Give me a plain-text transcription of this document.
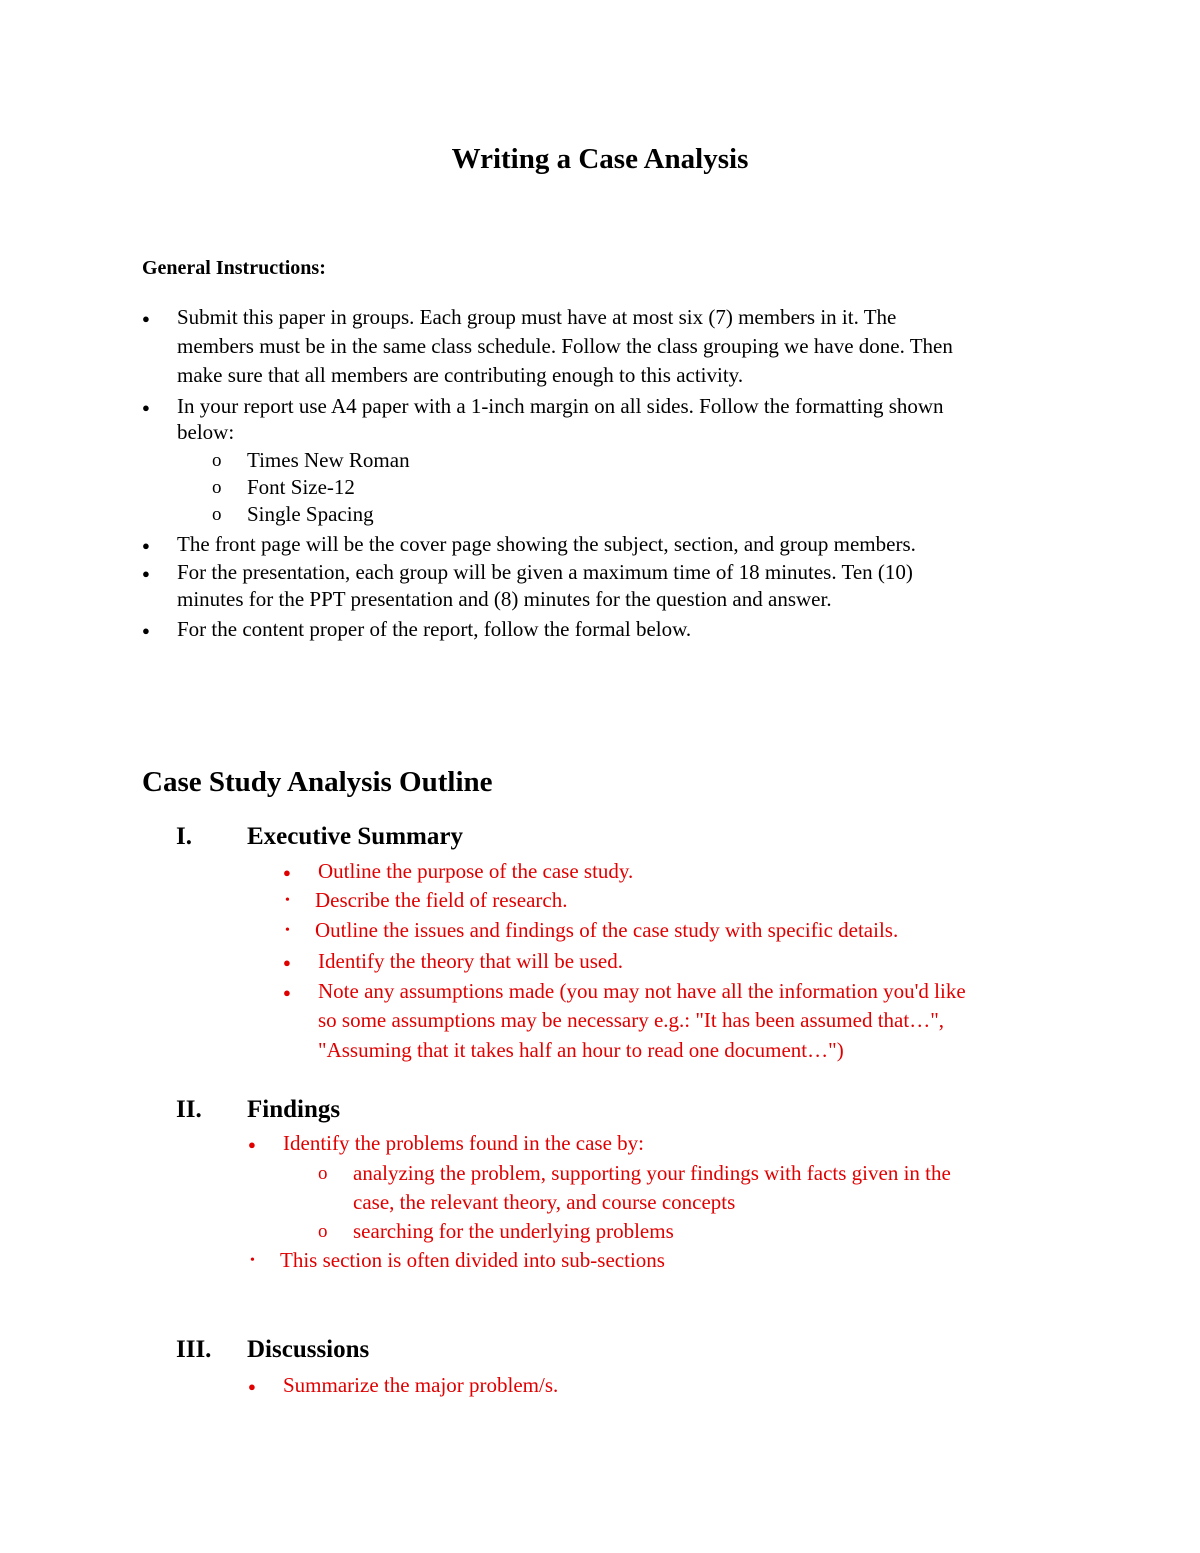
Writing a Case Analysis
General Instructions:
● Submit this paper in groups. Each group must have at most six (7) members in it. The
members must be in the same class schedule. Follow the class grouping we have done. Then
make sure that all members are contributing enough to this activity.
● In your report use A4 paper with a 1-inch margin on all sides. Follow the formatting shown
below:
o Times New Roman
o Font Size-12
o Single Spacing
● The front page will be the cover page showing the subject, section, and group members.
● For the presentation, each group will be given a maximum time of 18 minutes. Ten (10)
minutes for the PPT presentation and (8) minutes for the question and answer.
● For the content proper of the report, follow the formal below.
Case Study Analysis Outline
I. Executive Summary
● Outline the purpose of the case study.
• Describe the field of research.
• Outline the issues and findings of the case study with specific details.
● Identify the theory that will be used.
● Note any assumptions made (you may not have all the information you'd like
so some assumptions may be necessary e.g.: "It has been assumed that…",
"Assuming that it takes half an hour to read one document…")
II. Findings
● Identify the problems found in the case by:
o analyzing the problem, supporting your findings with facts given in the
case, the relevant theory, and course concepts
o searching for the underlying problems
• This section is often divided into sub-sections
III. Discussions
● Summarize the major problem/s.
